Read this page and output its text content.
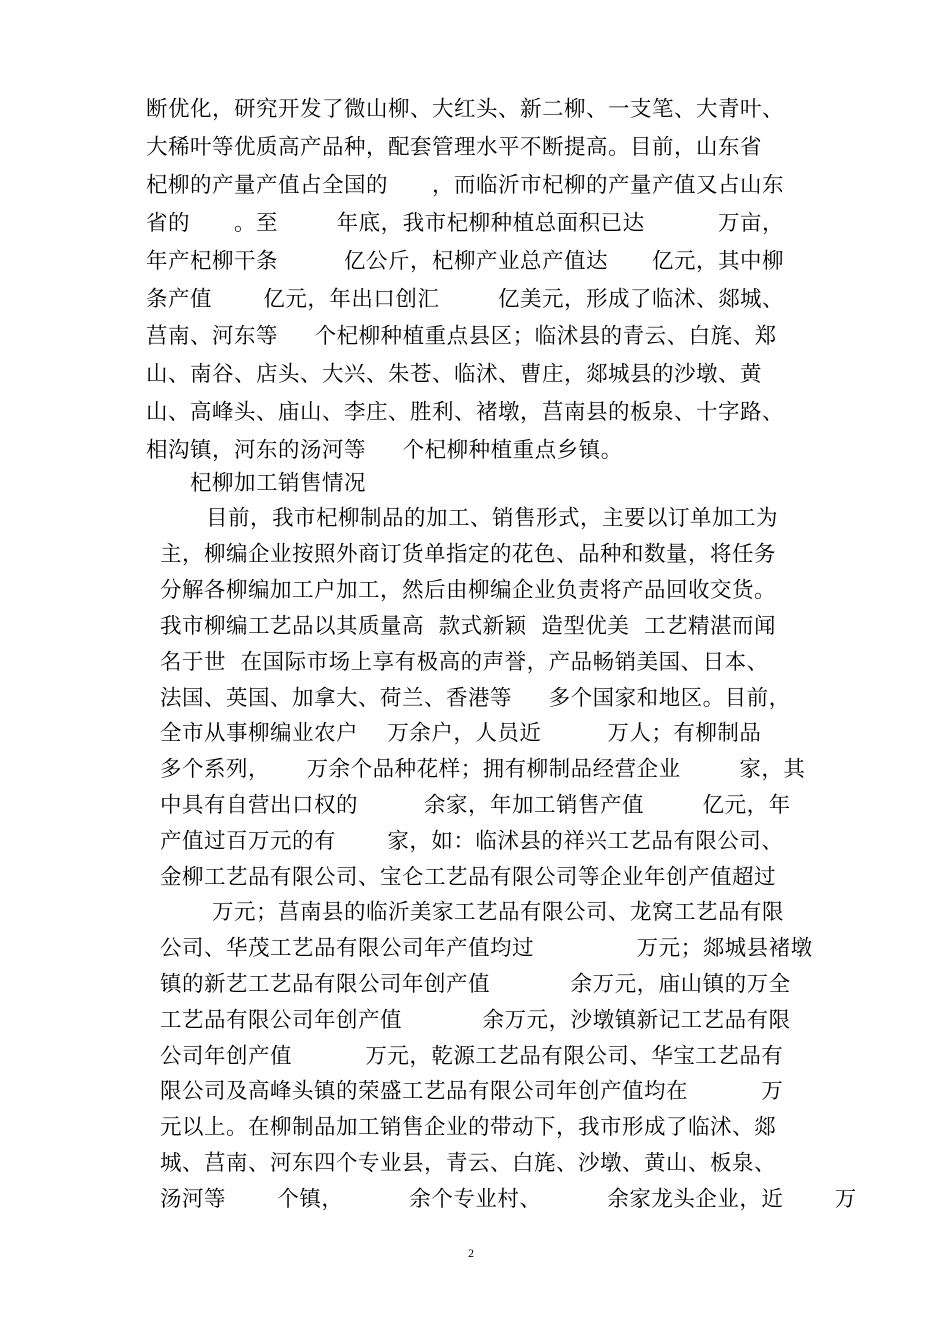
断优化，研究开发了微山柳、大红头、新二柳、一支笔、大青叶、
大稀叶等优质高产品种，配套管理水平不断提高。目前，山东省
杞柳的产量产值占全国的      ，而临沂市杞柳的产量产值又占山东
省的      。至        年底，我市杞柳种植总面积已达          万亩，
年产杞柳干条         亿公斤，杞柳产业总产值达      亿元，其中柳
条产值       亿元，年出口创汇        亿美元，形成了临沭、郯城、
莒南、河东等     个杞柳种植重点县区；临沭县的青云、白旄、郑
山、南谷、店头、大兴、朱苍、临沭、曹庄，郯城县的沙墩、黄
山、高峰头、庙山、李庄、胜利、褚墩，莒南县的板泉、十字路、
相沟镇，河东的汤河等     个杞柳种植重点乡镇。
杞柳加工销售情况
目前，我市杞柳制品的加工、销售形式，主要以订单加工为
主，柳编企业按照外商订货单指定的花色、品种和数量，将任务
分解各柳编加工户加工，然后由柳编企业负责将产品回收交货。
我市柳编工艺品以其质量高  款式新颖  造型优美  工艺精湛而闻
名于世  在国际市场上享有极高的声誉，产品畅销美国、日本、
法国、英国、加拿大、荷兰、香港等     多个国家和地区。目前，
全市从事柳编业农户    万余户，人员近         万人；有柳制品
多个系列，     万余个品种花样；拥有柳制品经营企业        家，其
中具有自营出口权的         余家，年加工销售产值        亿元，年
产值过百万元的有       家，如：临沭县的祥兴工艺品有限公司、
金柳工艺品有限公司、宝仑工艺品有限公司等企业年创产值超过
万元；莒南县的临沂美家工艺品有限公司、龙窝工艺品有限
公司、华茂工艺品有限公司年产值均过              万元；郯城县褚墩
镇的新艺工艺品有限公司年创产值           余万元，庙山镇的万全
工艺品有限公司年创产值           余万元，沙墩镇新记工艺品有限
公司年创产值          万元，乾源工艺品有限公司、华宝工艺品有
限公司及高峰头镇的荣盛工艺品有限公司年创产值均在          万
元以上。在柳制品加工销售企业的带动下，我市形成了临沭、郯
城、莒南、河东四个专业县，青云、白旄、沙墩、黄山、板泉、
汤河等       个镇，         余个专业村、         余家龙头企业，近       万
2
